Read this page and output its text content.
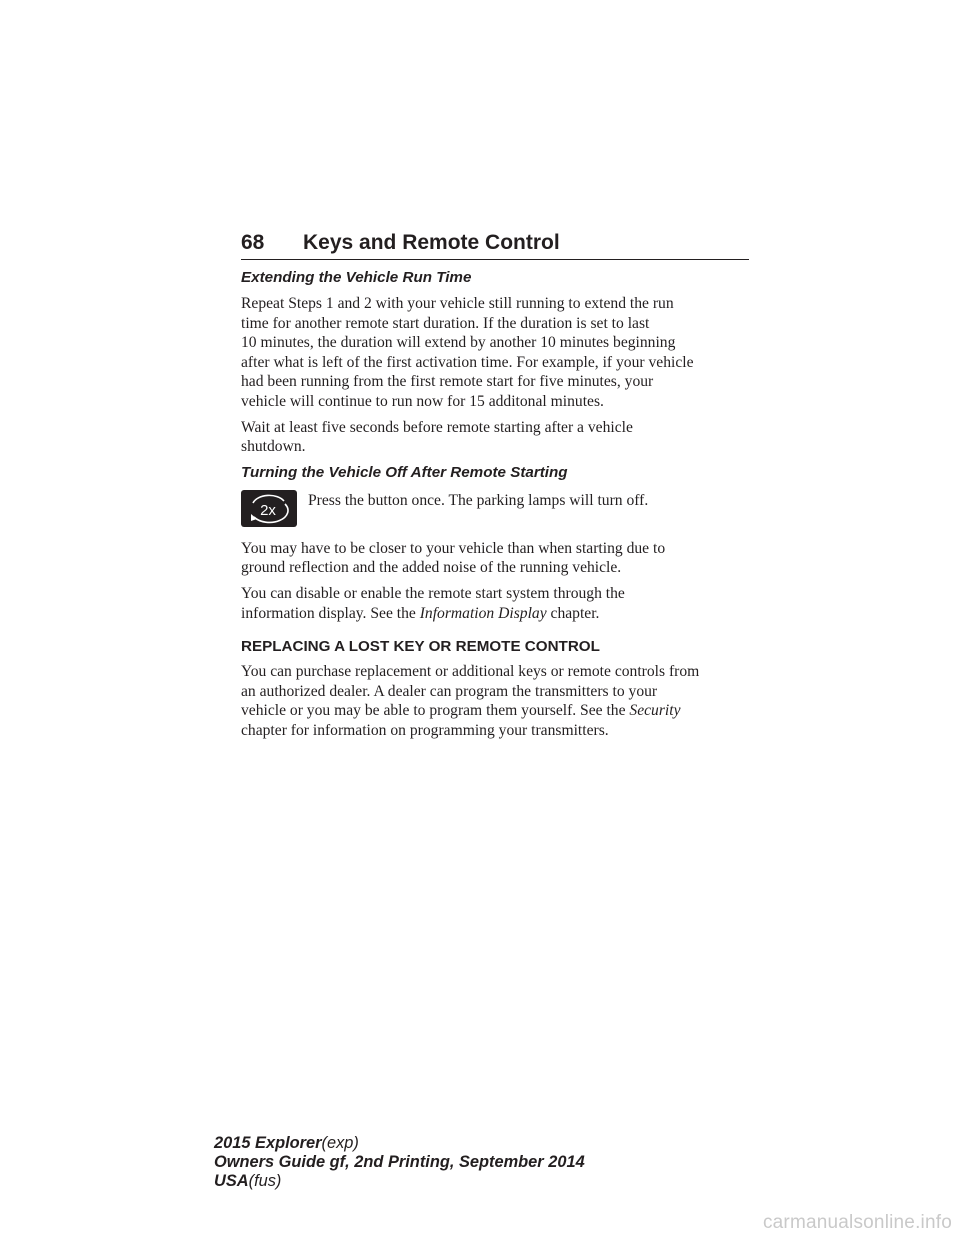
68 Keys and Remote Control
Extending the Vehicle Run Time
Repeat Steps 1 and 2 with your vehicle still running to extend the run
time for another remote start duration. If the duration is set to last
10 minutes, the duration will extend by another 10 minutes beginning
after what is left of the first activation time. For example, if your vehicle
had been running from the first remote start for five minutes, your
vehicle will continue to run now for 15 additonal minutes.
Wait at least five seconds before remote starting after a vehicle
shutdown.
Turning the Vehicle Off After Remote Starting
2x
Press the button once. The parking lamps will turn off.
You may have to be closer to your vehicle than when starting due to
ground reflection and the added noise of the running vehicle.
You can disable or enable the remote start system through the
information display. See the Information Display chapter.
REPLACING A LOST KEY OR REMOTE CONTROL
You can purchase replacement or additional keys or remote controls from
an authorized dealer. A dealer can program the transmitters to your
vehicle or you may be able to program them yourself. See the Security
chapter for information on programming your transmitters.
2015 Explorer(exp)
Owners Guide gf, 2nd Printing, September 2014
USA(fus)
carmanualsonline.info
